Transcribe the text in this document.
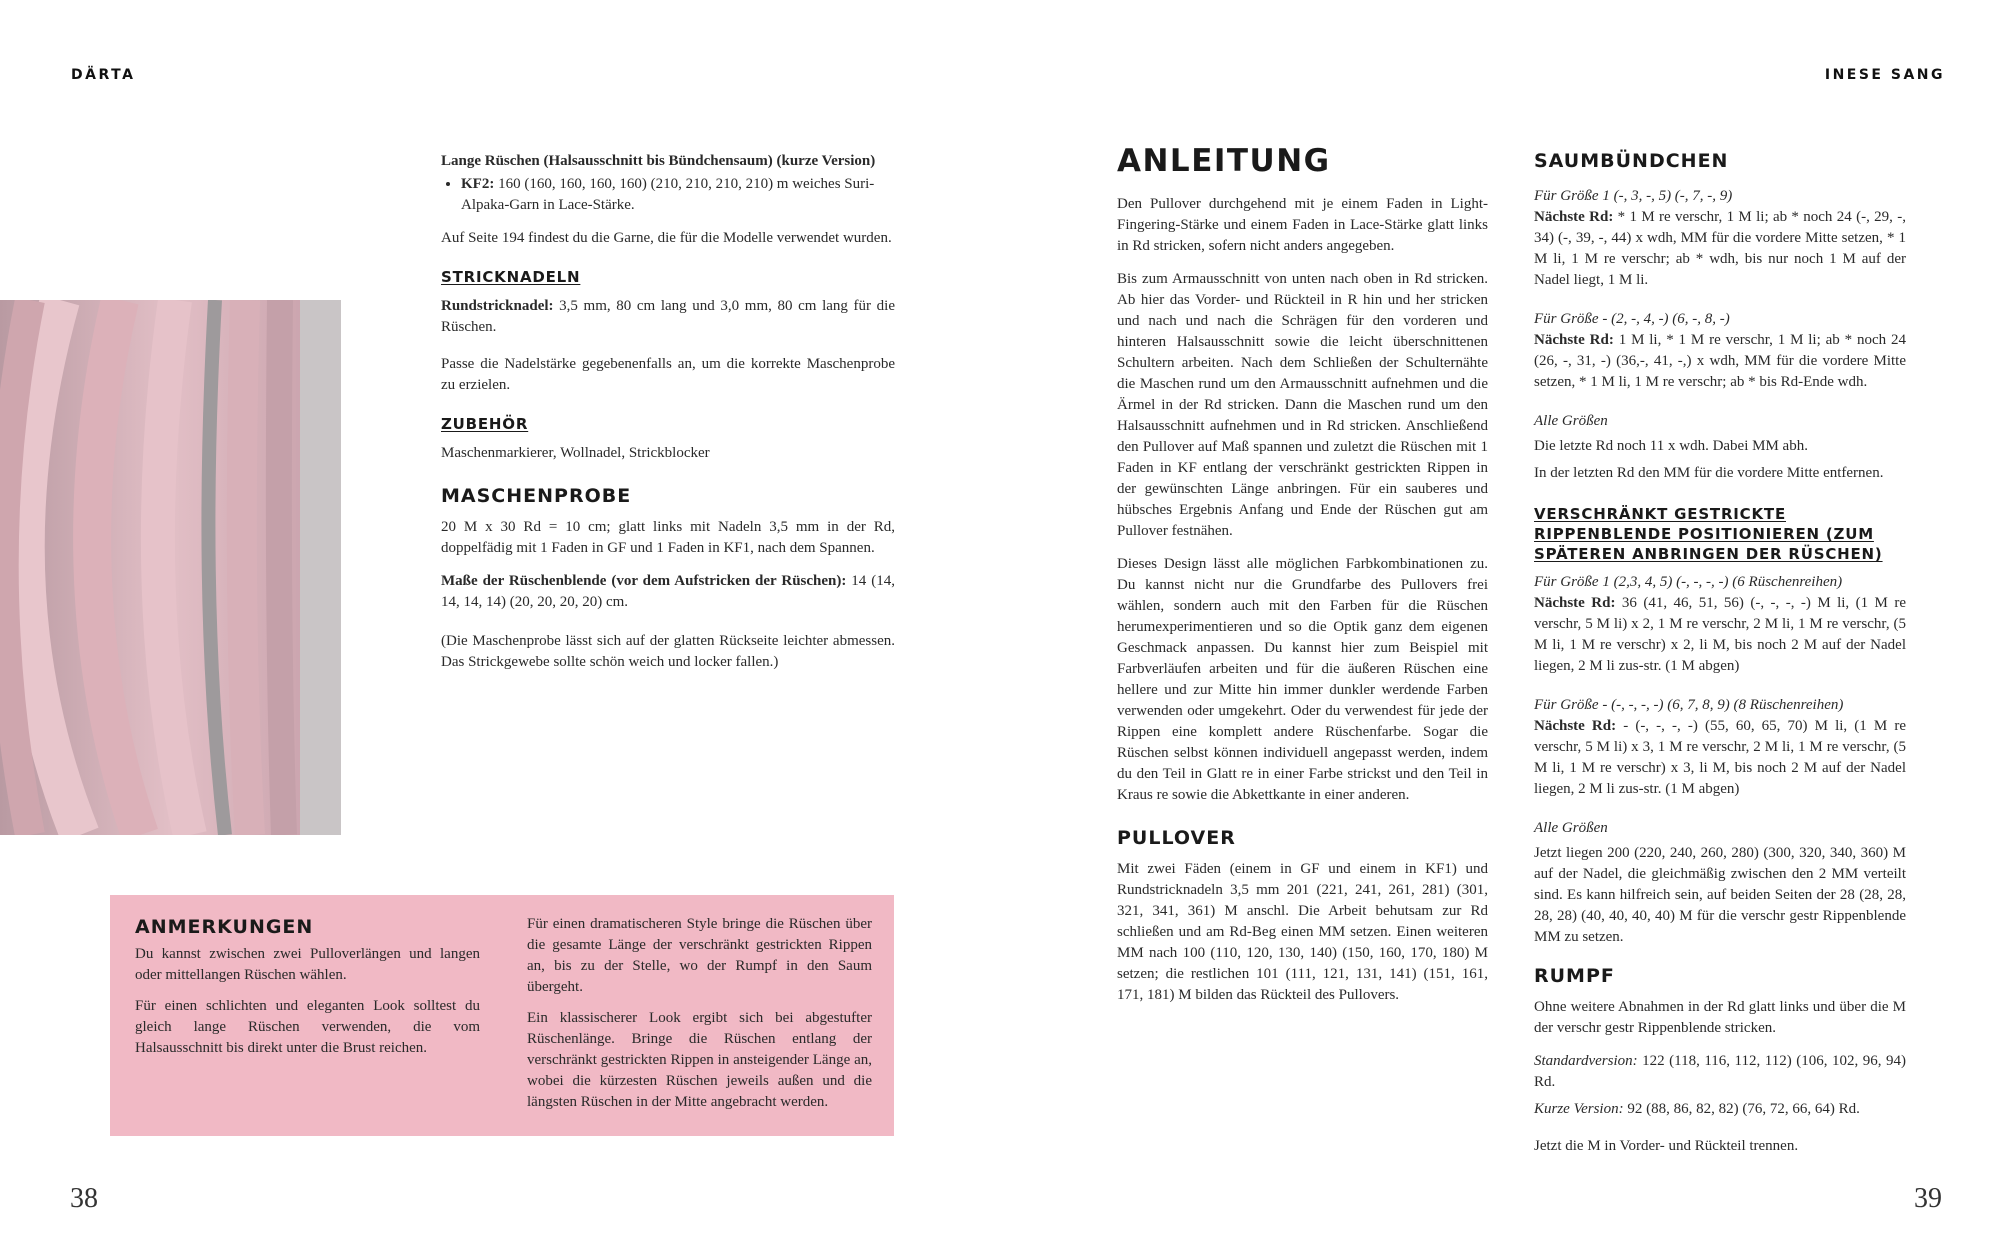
DÄRTA	INESE SANG

Lange Rüschen (Halsausschnitt bis Bündchensaum) (kurze Version)

• KF2: 160 (160, 160, 160, 160) (210, 210, 210, 210) m weiches Suri-Alpaka-Garn in Lace-Stärke.

Auf Seite 194 findest du die Garne, die für die Modelle verwendet wurden.

STRICKNADELN

Rundstricknadel: 3,5 mm, 80 cm lang und 3,0 mm, 80 cm lang für die Rüschen.

Passe die Nadelstärke gegebenenfalls an, um die korrekte Maschenprobe zu erzielen.

ZUBEHÖR

Maschenmarkierer, Wollnadel, Strickblocker

MASCHENPROBE

20 M x 30 Rd = 10 cm; glatt links mit Nadeln 3,5 mm in der Rd, doppelfädig mit 1 Faden in GF und 1 Faden in KF1, nach dem Spannen.

Maße der Rüschenblende (vor dem Aufstricken der Rüschen): 14 (14, 14, 14, 14) (20, 20, 20, 20) cm.

(Die Maschenprobe lässt sich auf der glatten Rückseite leichter abmessen. Das Strickgewebe sollte schön weich und locker fallen.)

ANMERKUNGEN

Du kannst zwischen zwei Pulloverlängen und langen oder mittellangen Rüschen wählen.

Für einen schlichten und eleganten Look solltest du gleich lange Rüschen verwenden, die vom Halsausschnitt bis direkt unter die Brust reichen.

Für einen dramatischeren Style bringe die Rüschen über die gesamte Länge der verschränkt gestrickten Rippen an, bis zu der Stelle, wo der Rumpf in den Saum übergeht.

Ein klassischerer Look ergibt sich bei abgestufter Rüschenlänge. Bringe die Rüschen entlang der verschränkt gestrickten Rippen in ansteigender Länge an, wobei die kürzesten Rüschen jeweils außen und die längsten Rüschen in der Mitte angebracht werden.

ANLEITUNG

Den Pullover durchgehend mit je einem Faden in Light-Fingering-Stärke und einem Faden in Lace-Stärke glatt links in Rd stricken, sofern nicht anders angegeben.

Bis zum Armausschnitt von unten nach oben in Rd stricken. Ab hier das Vorder- und Rückteil in R hin und her stricken und nach und nach die Schrägen für den vorderen und hinteren Halsausschnitt sowie die leicht überschnittenen Schultern arbeiten. Nach dem Schließen der Schulternähte die Maschen rund um den Armausschnitt aufnehmen und die Ärmel in der Rd stricken. Dann die Maschen rund um den Halsausschnitt aufnehmen und in Rd stricken. Anschließend den Pullover auf Maß spannen und zuletzt die Rüschen mit 1 Faden in KF entlang der verschränkt gestrickten Rippen in der gewünschten Länge anbringen. Für ein sauberes und hübsches Ergebnis Anfang und Ende der Rüschen gut am Pullover festnähen.

Dieses Design lässt alle möglichen Farbkombinationen zu. Du kannst nicht nur die Grundfarbe des Pullovers frei wählen, sondern auch mit den Farben für die Rüschen herumexperimentieren und so die Optik ganz dem eigenen Geschmack anpassen. Du kannst hier zum Beispiel mit Farbverläufen arbeiten und für die äußeren Rüschen eine hellere und zur Mitte hin immer dunkler werdende Farben verwenden oder umgekehrt. Oder du verwendest für jede der Rippen eine komplett andere Rüschenfarbe. Sogar die Rüschen selbst können individuell angepasst werden, indem du den Teil in Glatt re in einer Farbe strickst und den Teil in Kraus re sowie die Abkettkante in einer anderen.

PULLOVER

Mit zwei Fäden (einem in GF und einem in KF1) und Rundstricknadeln 3,5 mm 201 (221, 241, 261, 281) (301, 321, 341, 361) M anschl. Die Arbeit behutsam zur Rd schließen und am Rd-Beg einen MM setzen. Einen weiteren MM nach 100 (110, 120, 130, 140) (150, 160, 170, 180) M setzen; die restlichen 101 (111, 121, 131, 141) (151, 161, 171, 181) M bilden das Rückteil des Pullovers.

SAUMBÜNDCHEN

Für Größe 1 (-, 3, -, 5) (-, 7, -, 9)

Nächste Rd: * 1 M re verschr, 1 M li; ab * noch 24 (-, 29, -, 34) (-, 39, -, 44) x wdh, MM für die vordere Mitte setzen, * 1 M li, 1 M re verschr; ab * wdh, bis nur noch 1 M auf der Nadel liegt, 1 M li.

Für Größe - (2, -, 4, -) (6, -, 8, -)

Nächste Rd: 1 M li, * 1 M re verschr, 1 M li; ab * noch 24 (26, -, 31, -) (36,-, 41, -,) x wdh, MM für die vordere Mitte setzen, * 1 M li, 1 M re verschr; ab * bis Rd-Ende wdh.

Alle Größen

Die letzte Rd noch 11 x wdh. Dabei MM abh.

In der letzten Rd den MM für die vordere Mitte entfernen.

VERSCHRÄNKT GESTRICKTE RIPPENBLENDE POSITIONIEREN (ZUM SPÄTEREN ANBRINGEN DER RÜSCHEN)

Für Größe 1 (2,3, 4, 5) (-, -, -, -) (6 Rüschenreihen)

Nächste Rd: 36 (41, 46, 51, 56) (-, -, -, -) M li, (1 M re verschr, 5 M li) x 2, 1 M re verschr, 2 M li, 1 M re verschr, (5 M li, 1 M re verschr) x 2, li M, bis noch 2 M auf der Nadel liegen, 2 M li zus-str. (1 M abgen)

Für Größe - (-, -, -, -) (6, 7, 8, 9) (8 Rüschenreihen)

Nächste Rd: - (-, -, -, -) (55, 60, 65, 70) M li, (1 M re verschr, 5 M li) x 3, 1 M re verschr, 2 M li, 1 M re verschr, (5 M li, 1 M re verschr) x 3, li M, bis noch 2 M auf der Nadel liegen, 2 M li zus-str. (1 M abgen)

Alle Größen

Jetzt liegen 200 (220, 240, 260, 280) (300, 320, 340, 360) M auf der Nadel, die gleichmäßig zwischen den 2 MM verteilt sind. Es kann hilfreich sein, auf beiden Seiten der 28 (28, 28, 28, 28) (40, 40, 40, 40) M für die verschr gestr Rippenblende MM zu setzen.

RUMPF

Ohne weitere Abnahmen in der Rd glatt links und über die M der verschr gestr Rippenblende stricken.

Standardversion: 122 (118, 116, 112, 112) (106, 102, 96, 94) Rd.

Kurze Version: 92 (88, 86, 82, 82) (76, 72, 66, 64) Rd.

Jetzt die M in Vorder- und Rückteil trennen.

38	39
